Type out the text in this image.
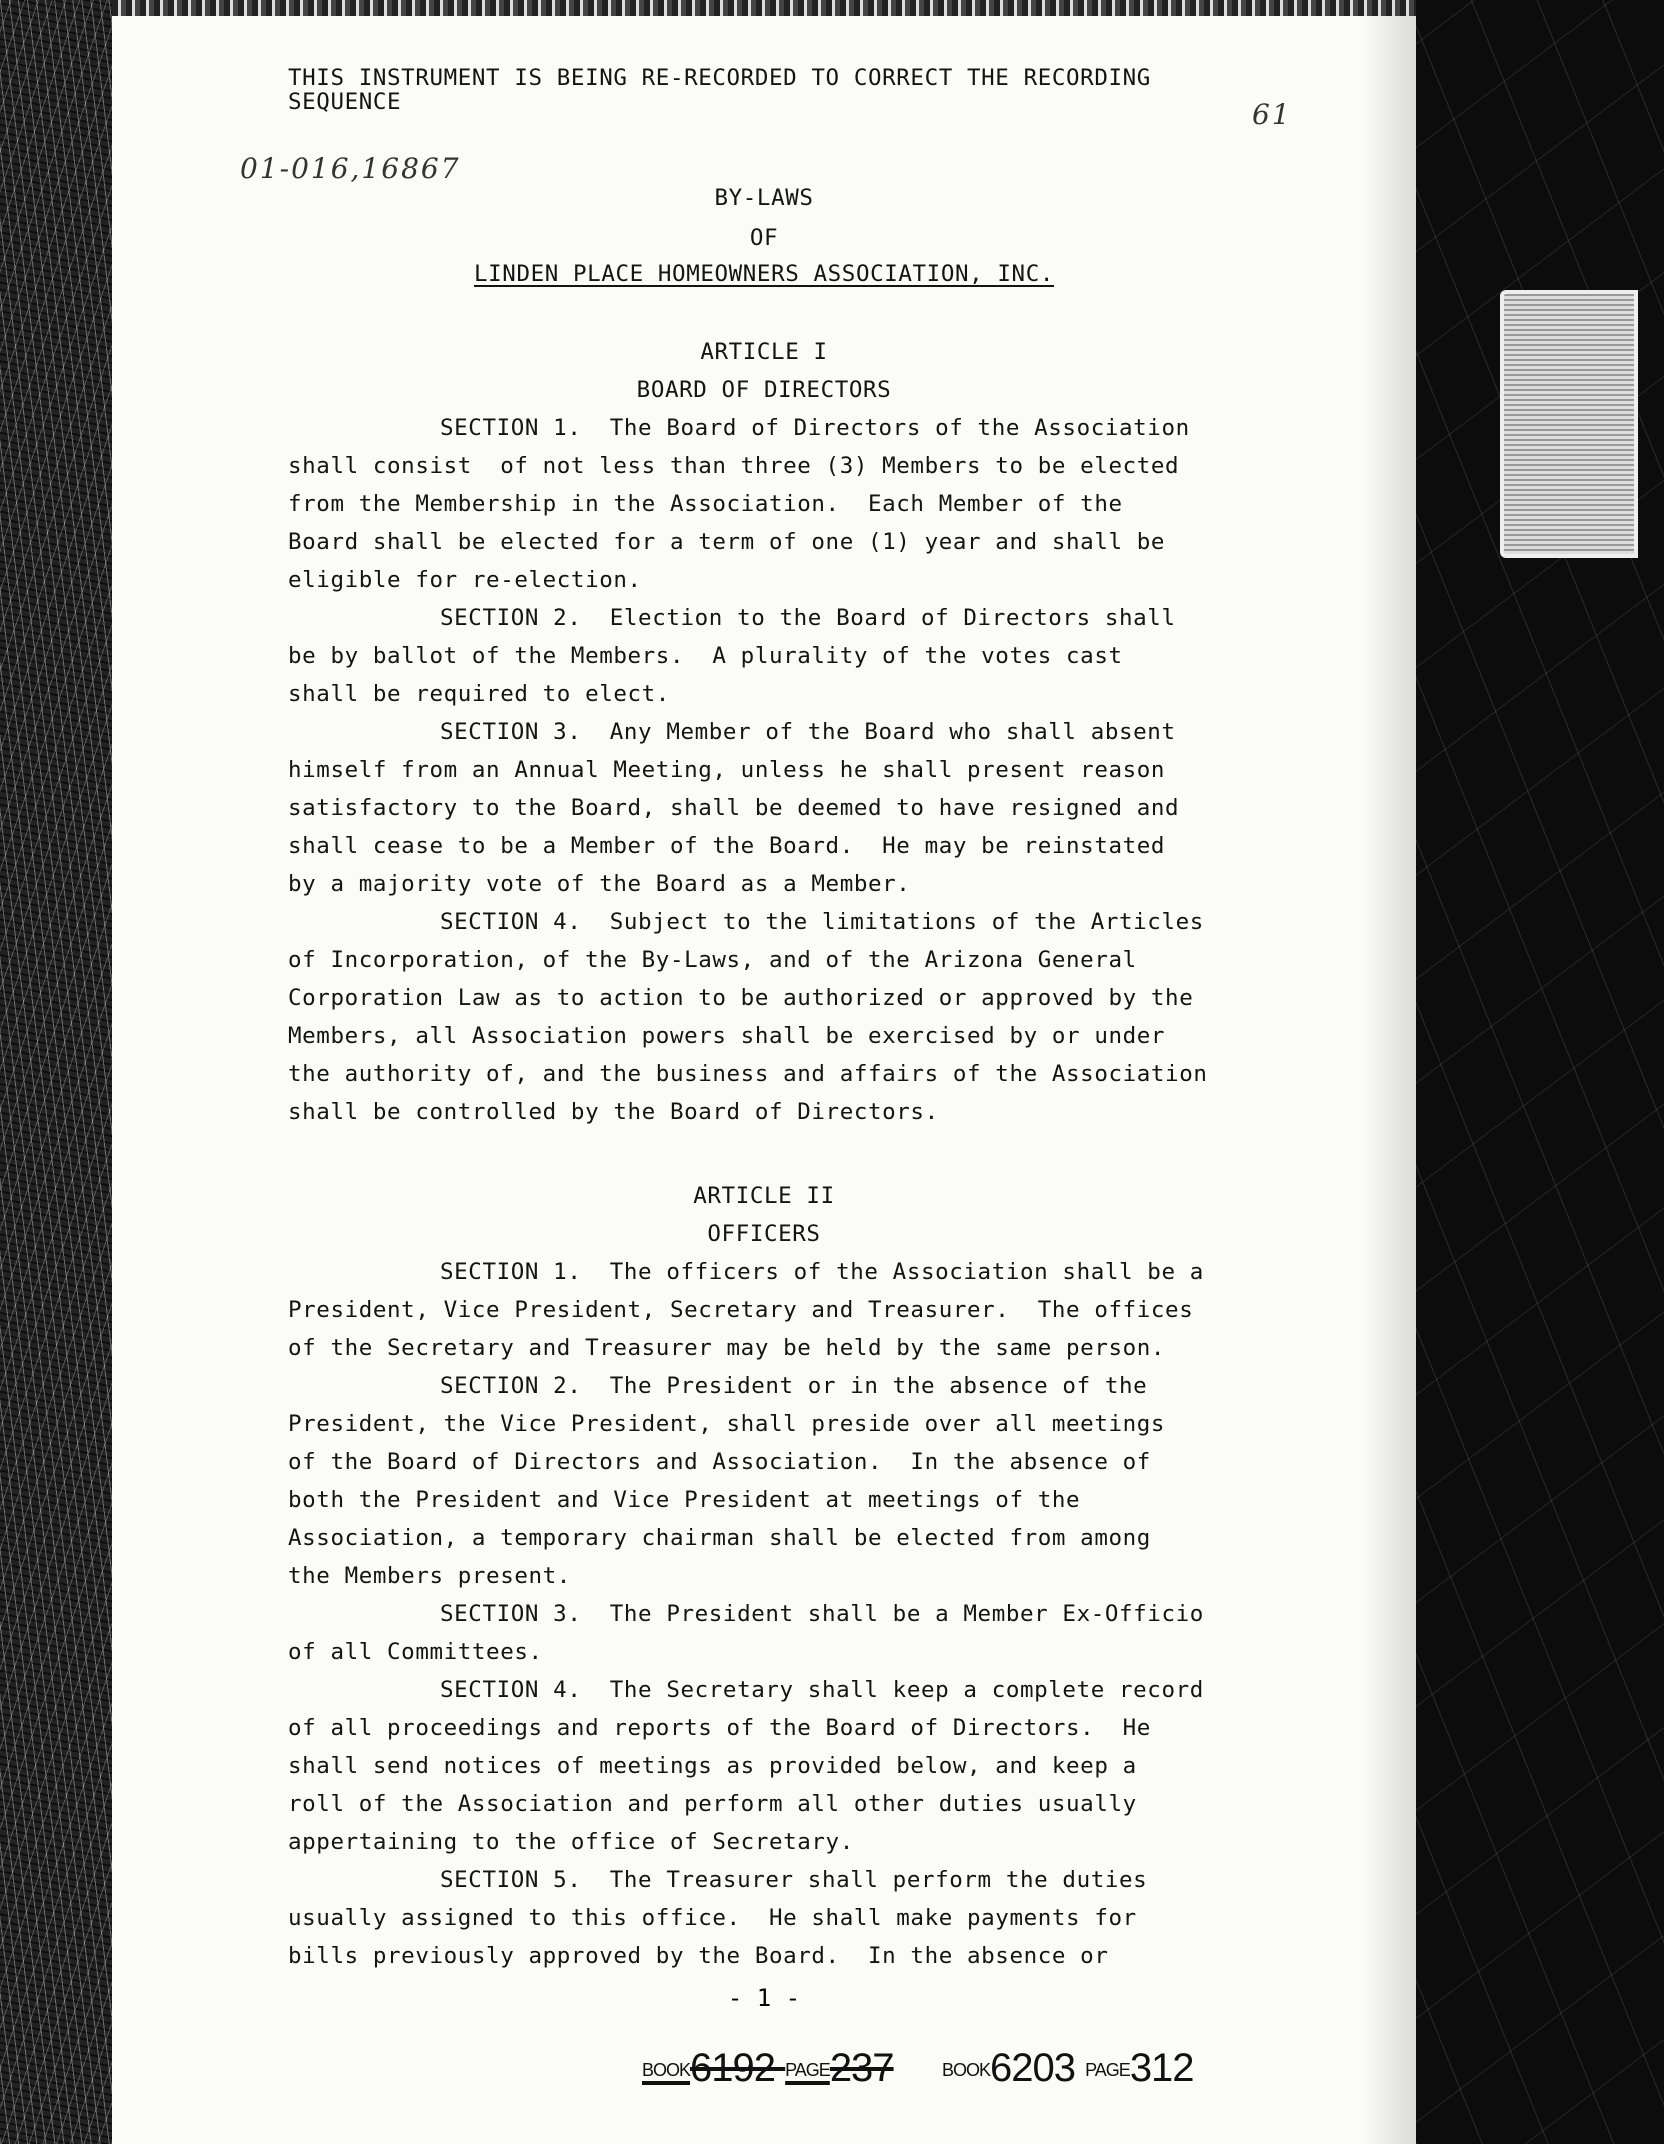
THIS INSTRUMENT IS BEING RE-RECORDED TO CORRECT THE RECORDING
SEQUENCE
01-016,16867
61
BY-LAWS
OF
LINDEN PLACE HOMEOWNERS ASSOCIATION, INC.
ARTICLE I
BOARD OF DIRECTORS
SECTION 1.  The Board of Directors of the Association
shall consist  of not less than three (3) Members to be elected
from the Membership in the Association.  Each Member of the
Board shall be elected for a term of one (1) year and shall be
eligible for re-election.
SECTION 2.  Election to the Board of Directors shall
be by ballot of the Members.  A plurality of the votes cast
shall be required to elect.
SECTION 3.  Any Member of the Board who shall absent
himself from an Annual Meeting, unless he shall present reason
satisfactory to the Board, shall be deemed to have resigned and
shall cease to be a Member of the Board.  He may be reinstated
by a majority vote of the Board as a Member.
SECTION 4.  Subject to the limitations of the Articles
of Incorporation, of the By-Laws, and of the Arizona General
Corporation Law as to action to be authorized or approved by the
Members, all Association powers shall be exercised by or under
the authority of, and the business and affairs of the Association
shall be controlled by the Board of Directors.
ARTICLE II
OFFICERS
SECTION 1.  The officers of the Association shall be a
President, Vice President, Secretary and Treasurer.  The offices
of the Secretary and Treasurer may be held by the same person.
SECTION 2.  The President or in the absence of the
President, the Vice President, shall preside over all meetings
of the Board of Directors and Association.  In the absence of
both the President and Vice President at meetings of the
Association, a temporary chairman shall be elected from among
the Members present.
SECTION 3.  The President shall be a Member Ex-Officio
of all Committees.
SECTION 4.  The Secretary shall keep a complete record
of all proceedings and reports of the Board of Directors.  He
shall send notices of meetings as provided below, and keep a
roll of the Association and perform all other duties usually
appertaining to the office of Secretary.
SECTION 5.  The Treasurer shall perform the duties
usually assigned to this office.  He shall make payments for
bills previously approved by the Board.  In the absence or
- 1 -
BOOK6192 PAGE237	BOOK6203 PAGE312
